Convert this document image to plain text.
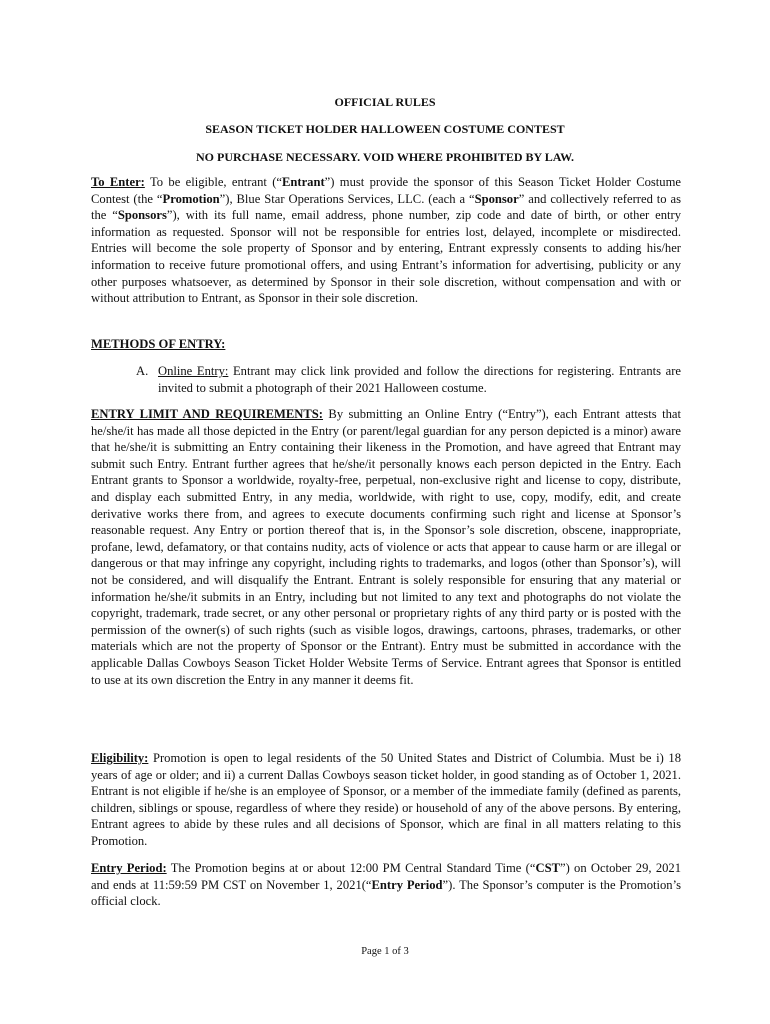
OFFICIAL RULES
SEASON TICKET HOLDER HALLOWEEN COSTUME CONTEST
NO PURCHASE NECESSARY. VOID WHERE PROHIBITED BY LAW.

To Enter: To be eligible, entrant (“Entrant”) must provide the sponsor of this Season Ticket Holder Costume Contest (the “Promotion”), Blue Star Operations Services, LLC. (each a “Sponsor” and collectively referred to as the “Sponsors”), with its full name, email address, phone number, zip code and date of birth, or other entry information as requested. Sponsor will not be responsible for entries lost, delayed, incomplete or misdirected. Entries will become the sole property of Sponsor and by entering, Entrant expressly consents to adding his/her information to receive future promotional offers, and using Entrant’s information for advertising, publicity or any other purposes whatsoever, as determined by Sponsor in their sole discretion, without compensation and with or without attribution to Entrant, as Sponsor in their sole discretion.

METHODS OF ENTRY:

A. Online Entry: Entrant may click link provided and follow the directions for registering. Entrants are invited to submit a photograph of their 2021 Halloween costume.

ENTRY LIMIT AND REQUIREMENTS: By submitting an Online Entry (“Entry”), each Entrant attests that he/she/it has made all those depicted in the Entry (or parent/legal guardian for any person depicted is a minor) aware that he/she/it is submitting an Entry containing their likeness in the Promotion, and have agreed that Entrant may submit such Entry. Entrant further agrees that he/she/it personally knows each person depicted in the Entry. Each Entrant grants to Sponsor a worldwide, royalty-free, perpetual, non-exclusive right and license to copy, distribute, and display each submitted Entry, in any media, worldwide, with right to use, copy, modify, edit, and create derivative works there from, and agrees to execute documents confirming such right and license at Sponsor’s reasonable request. Any Entry or portion thereof that is, in the Sponsor’s sole discretion, obscene, inappropriate, profane, lewd, defamatory, or that contains nudity, acts of violence or acts that appear to cause harm or are illegal or dangerous or that may infringe any copyright, including rights to trademarks, and logos (other than Sponsor’s), will not be considered, and will disqualify the Entrant. Entrant is solely responsible for ensuring that any material or information he/she/it submits in an Entry, including but not limited to any text and photographs do not violate the copyright, trademark, trade secret, or any other personal or proprietary rights of any third party or is posted with the permission of the owner(s) of such rights (such as visible logos, drawings, cartoons, phrases, trademarks, or other materials which are not the property of Sponsor or the Entrant). Entry must be submitted in accordance with the applicable Dallas Cowboys Season Ticket Holder Website Terms of Service. Entrant agrees that Sponsor is entitled to use at its own discretion the Entry in any manner it deems fit.

Eligibility: Promotion is open to legal residents of the 50 United States and District of Columbia. Must be i) 18 years of age or older; and ii) a current Dallas Cowboys season ticket holder, in good standing as of October 1, 2021. Entrant is not eligible if he/she is an employee of Sponsor, or a member of the immediate family (defined as parents, children, siblings or spouse, regardless of where they reside) or household of any of the above persons. By entering, Entrant agrees to abide by these rules and all decisions of Sponsor, which are final in all matters relating to this Promotion.

Entry Period: The Promotion begins at or about 12:00 PM Central Standard Time (“CST”) on October 29, 2021 and ends at 11:59:59 PM CST on November 1, 2021(“Entry Period”). The Sponsor’s computer is the Promotion’s official clock.

Page 1 of 3
